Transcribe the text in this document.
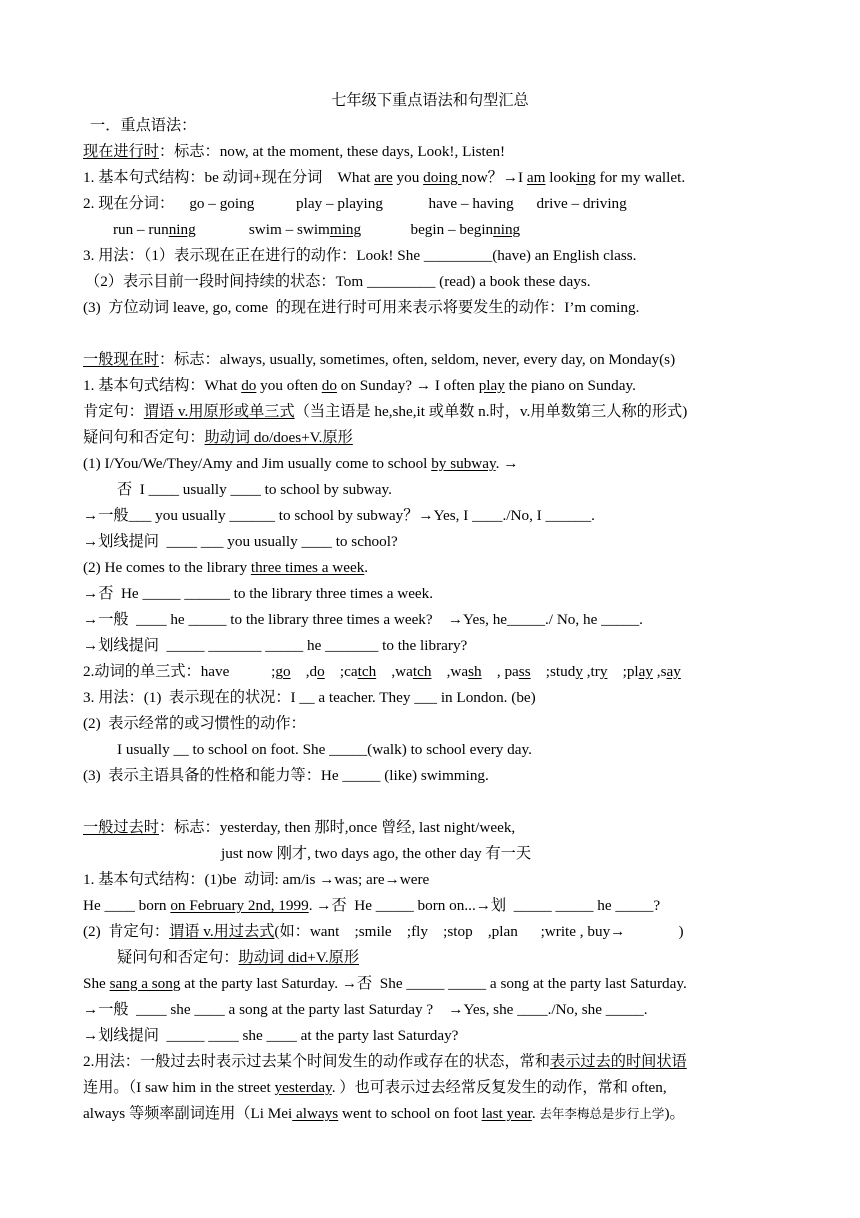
七年级下重点语法和句型汇总
一．重点语法：
现在进行时：标志：now, at the moment, these days, Look!, Listen!
1. 基本句式结构：be 动词+现在分词    What are you doing now？→I am looking for my wallet.
2. 现在分词：    go – going           play – playing            have – having      drive – driving
run – running              swim – swimming             begin – beginning
3. 用法：（1）表示现在正在进行的动作：Look! She _________(have) an English class.
（2）表示目前一段时间持续的状态：Tom _________ (read) a book these days.
(3)  方位动词 leave, go, come  的现在进行时可用来表示将要发生的动作：I’m coming.
一般现在时：标志：always, usually, sometimes, often, seldom, never, every day, on Monday(s)
1. 基本句式结构：What do you often do on Sunday? → I often play the piano on Sunday.
肯定句：谓语 v.用原形或单三式（当主语是 he,she,it 或单数 n.时，v.用单数第三人称的形式)
疑问句和否定句：助动词 do/does+V.原形
(1) I/You/We/They/Amy and Jim usually come to school by subway. →
否  I ____ usually ____ to school by subway.
→一般___ you usually ______ to school by subway？→Yes, I ____./No, I ______.
→划线提问  ____ ___ you usually ____ to school?
(2) He comes to the library three times a week.
→否  He _____ ______ to the library three times a week.
→一般  ____ he _____ to the library three times a week?    →Yes, he_____./ No, he _____.
→划线提问  _____ _______ _____ he _______ to the library?
2.动词的单三式：have           ;go    ,do    ;catch    ,watch    ,wash    , pass    ;study ,try    ;play ,say
3. 用法：(1)  表示现在的状况：I __ a teacher. They ___ in London. (be)
(2)  表示经常的或习惯性的动作：
I usually __ to school on foot. She _____(walk) to school every day.
(3)  表示主语具备的性格和能力等：He _____ (like) swimming.
一般过去时：标志：yesterday, then 那时,once 曾经, last night/week,
just now 刚才, two days ago, the other day 有一天
1. 基本句式结构：(1)be  动词: am/is →was; are→were
He ____ born on February 2nd, 1999. →否  He _____ born on...→划  _____ _____ he _____?
(2)  肯定句：谓语 v.用过去式(如：want    ;smile    ;fly    ;stop    ,plan      ;write , buy→              )
疑问句和否定句：助动词 did+V.原形
She sang a song at the party last Saturday. →否  She _____ _____ a song at the party last Saturday.
→一般  ____ she ____ a song at the party last Saturday ?    →Yes, she ____./No, she _____.
→划线提问  _____ ____ she ____ at the party last Saturday?
2.用法：一般过去时表示过去某个时间发生的动作或存在的状态，常和表示过去的时间状语
连用。（I saw him in the street yesterday. ）也可表示过去经常反复发生的动作，常和 often,
always 等频率副词连用（Li Mei always went to school on foot last year. 去年李梅总是步行上学)。
